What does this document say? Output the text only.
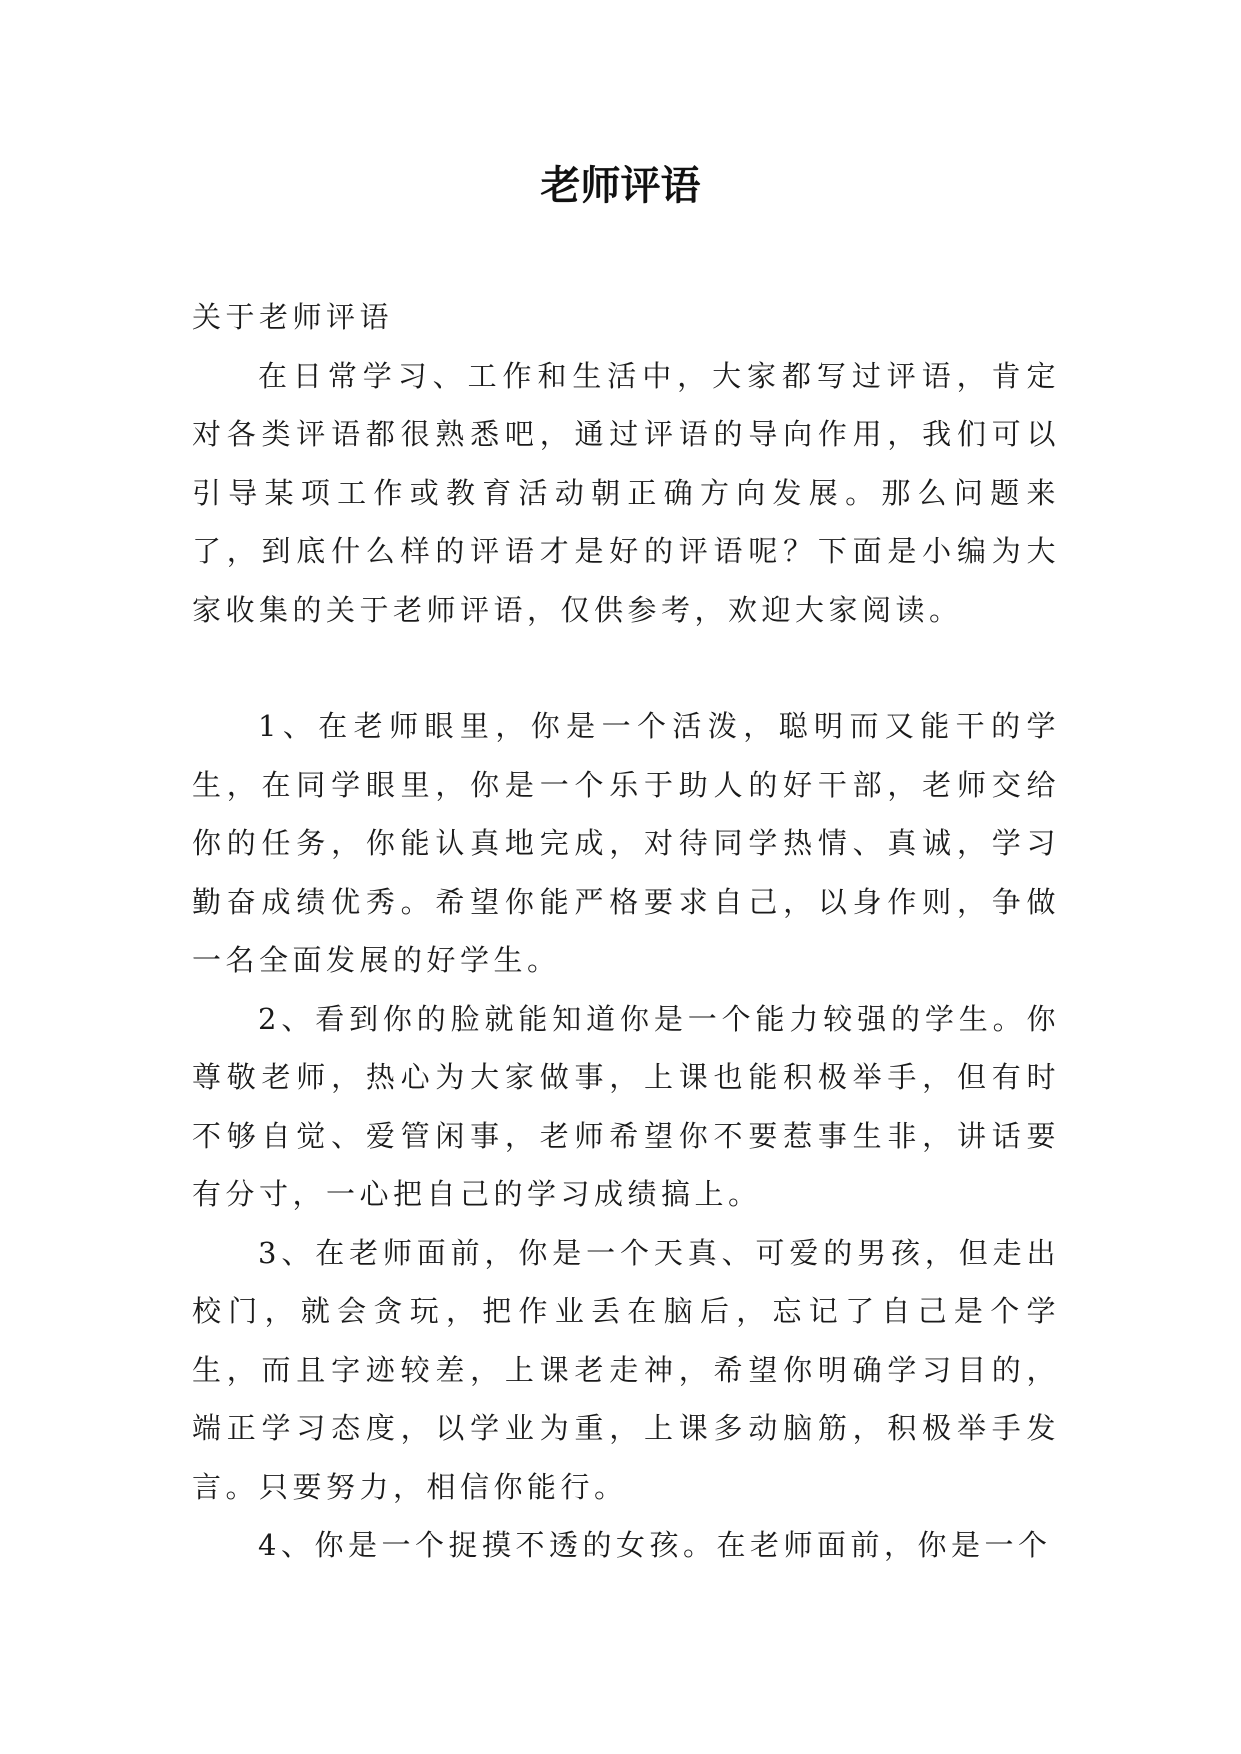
老师评语

关于老师评语

在日常学习、工作和生活中，大家都写过评语，肯定对各类评语都很熟悉吧，通过评语的导向作用，我们可以引导某项工作或教育活动朝正确方向发展。那么问题来了，到底什么样的评语才是好的评语呢？下面是小编为大家收集的关于老师评语，仅供参考，欢迎大家阅读。

1、在老师眼里，你是一个活泼，聪明而又能干的学生，在同学眼里，你是一个乐于助人的好干部，老师交给你的任务，你能认真地完成，对待同学热情、真诚，学习勤奋成绩优秀。希望你能严格要求自己，以身作则，争做一名全面发展的好学生。

2、看到你的脸就能知道你是一个能力较强的学生。你尊敬老师，热心为大家做事，上课也能积极举手，但有时不够自觉、爱管闲事，老师希望你不要惹事生非，讲话要有分寸，一心把自己的学习成绩搞上。

3、在老师面前，你是一个天真、可爱的男孩，但走出校门，就会贪玩，把作业丢在脑后，忘记了自己是个学生，而且字迹较差，上课老走神，希望你明确学习目的，端正学习态度，以学业为重，上课多动脑筋，积极举手发言。只要努力，相信你能行。

4、你是一个捉摸不透的女孩。在老师面前，你是一个
